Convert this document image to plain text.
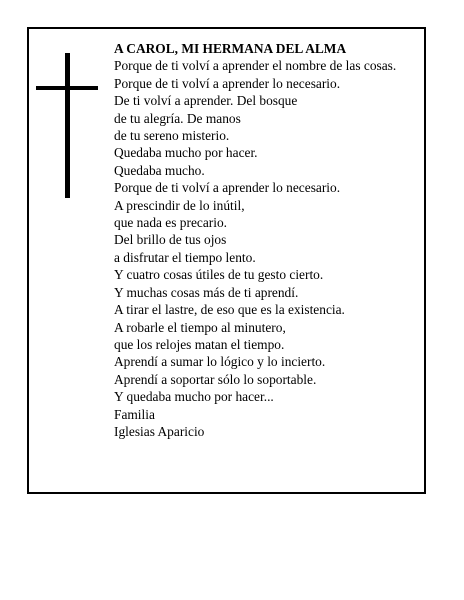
A CAROL, MI HERMANA DEL ALMA
Porque de ti volví a aprender el nombre de las cosas.
Porque de ti volví a aprender lo necesario.
De ti volví a aprender. Del bosque
de tu alegría. De manos
de tu sereno misterio.
Quedaba mucho por hacer.
Quedaba mucho.
Porque de ti volví a aprender lo necesario.
A prescindir de lo inútil,
que nada es precario.
Del brillo de tus ojos
a disfrutar el tiempo lento.
Y cuatro cosas útiles de tu gesto cierto.
Y muchas cosas más de ti aprendí.
A tirar el lastre, de eso que es la existencia.
A robarle el tiempo al minutero,
que los relojes matan el tiempo.
Aprendí a sumar lo lógico y lo incierto.
Aprendí a soportar sólo lo soportable.
Y quedaba mucho por hacer...
Familia
Iglesias Aparicio
